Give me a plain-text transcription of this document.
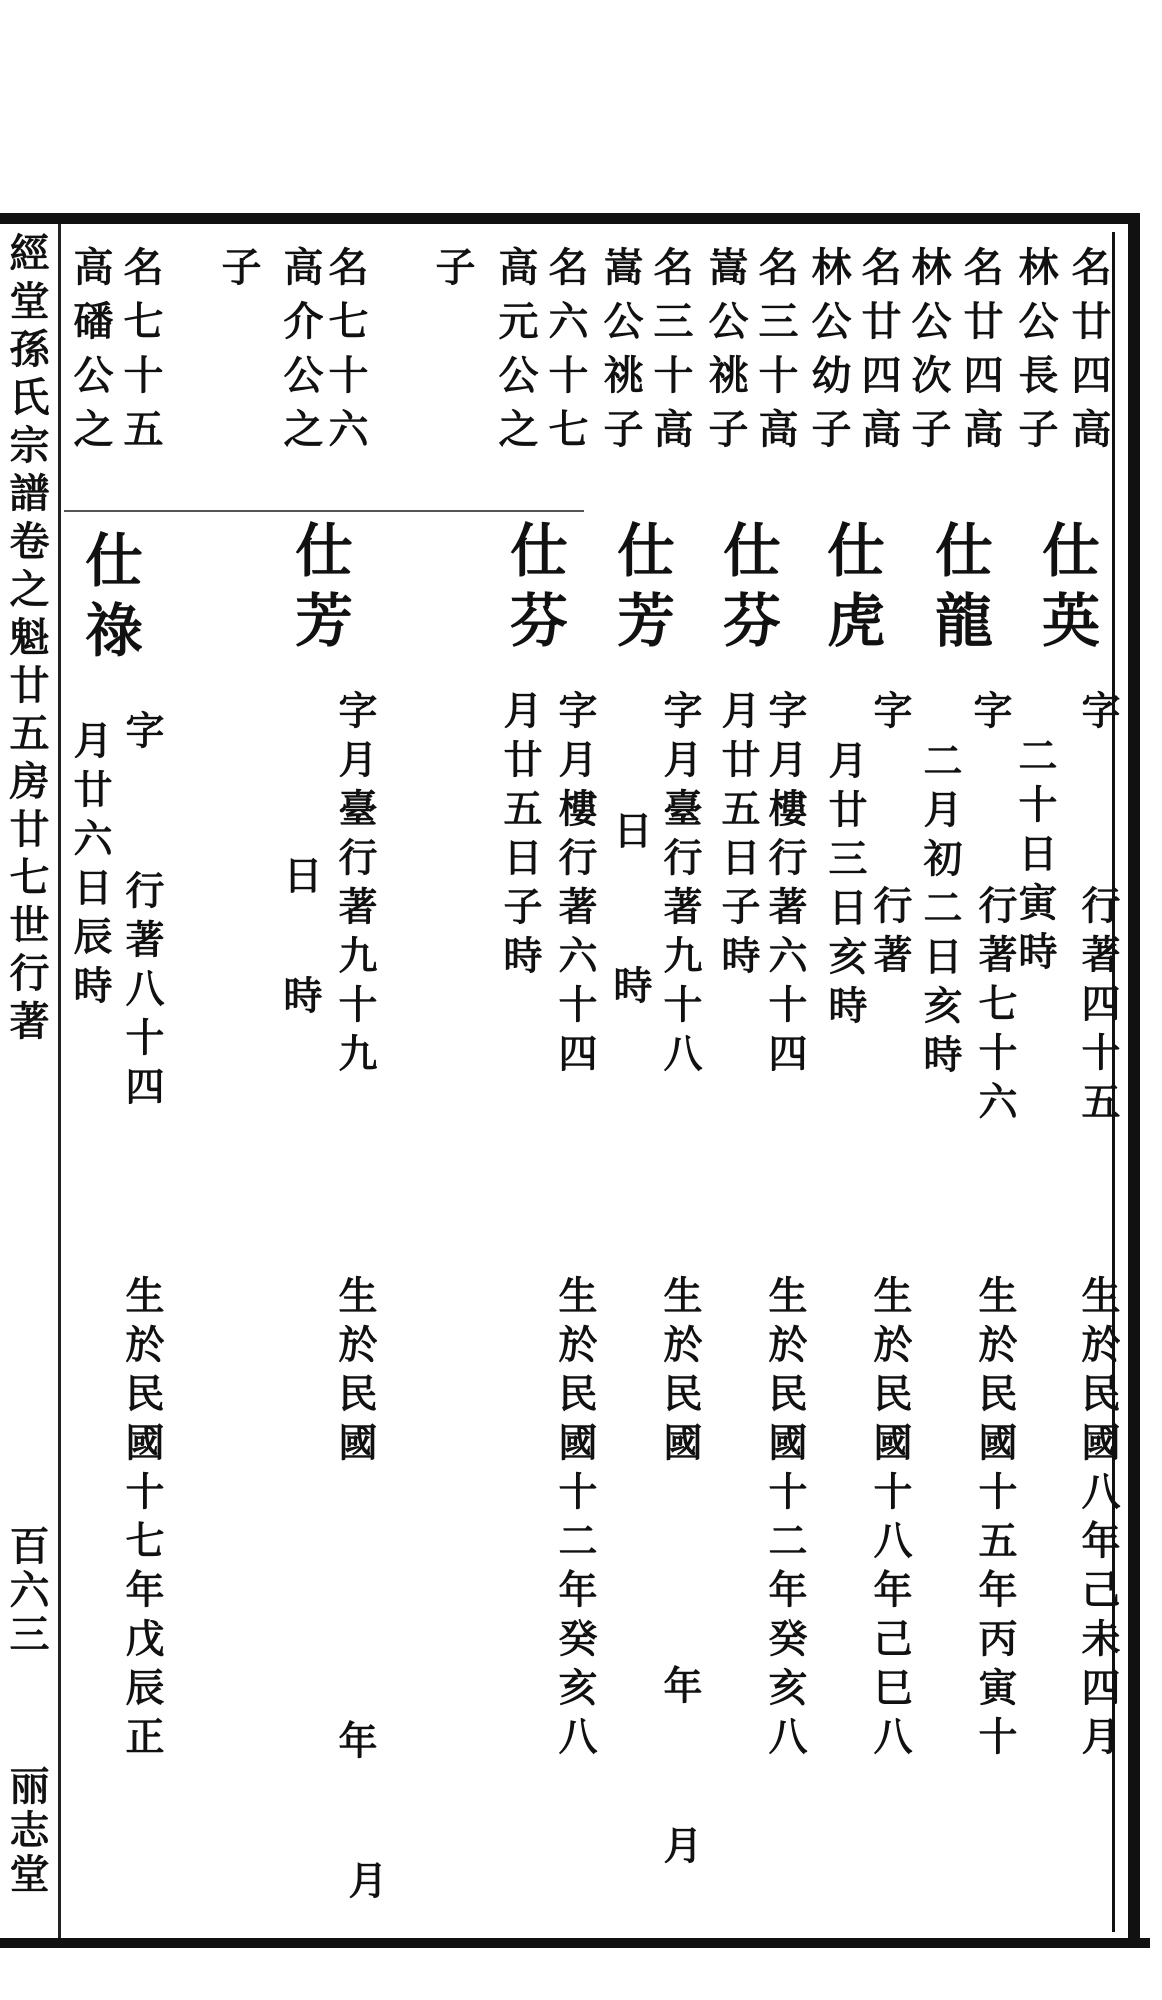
經堂孫氏宗譜卷之魁廿五房廿七世行著
百六三
丽志堂
名廿四高
林公長子
仕英
字
二十日寅時
行著四十五
生於民國八年己未四月
名廿四高
林公次子
仕龍
字
二月初二日亥時 行著七十六
生於民國十五年丙寅十
名廿四高
林公幼子
仕虎
字
月廿三日亥時 行著
生於民國十八年己巳八
名三十高
嵩公祧子
仕芬
字月樓行著六十四
月廿五日子時
生於民國十二年癸亥八
名三十高
嵩公祧子
仕芳
字月臺行著九十八
日
時
生於民國
年
月
名六十七
高元公之
子
仕芬
字月樓行著六十四
月廿五日子時
生於民國十二年癸亥八
名七十六
高介公之
子
仕芳
字月臺行著九十九
日
時
生於民國
年
月
名七十五
高磻公之
仕祿
字
行著八十四
月廿六日辰時
生於民國十七年戊辰正
